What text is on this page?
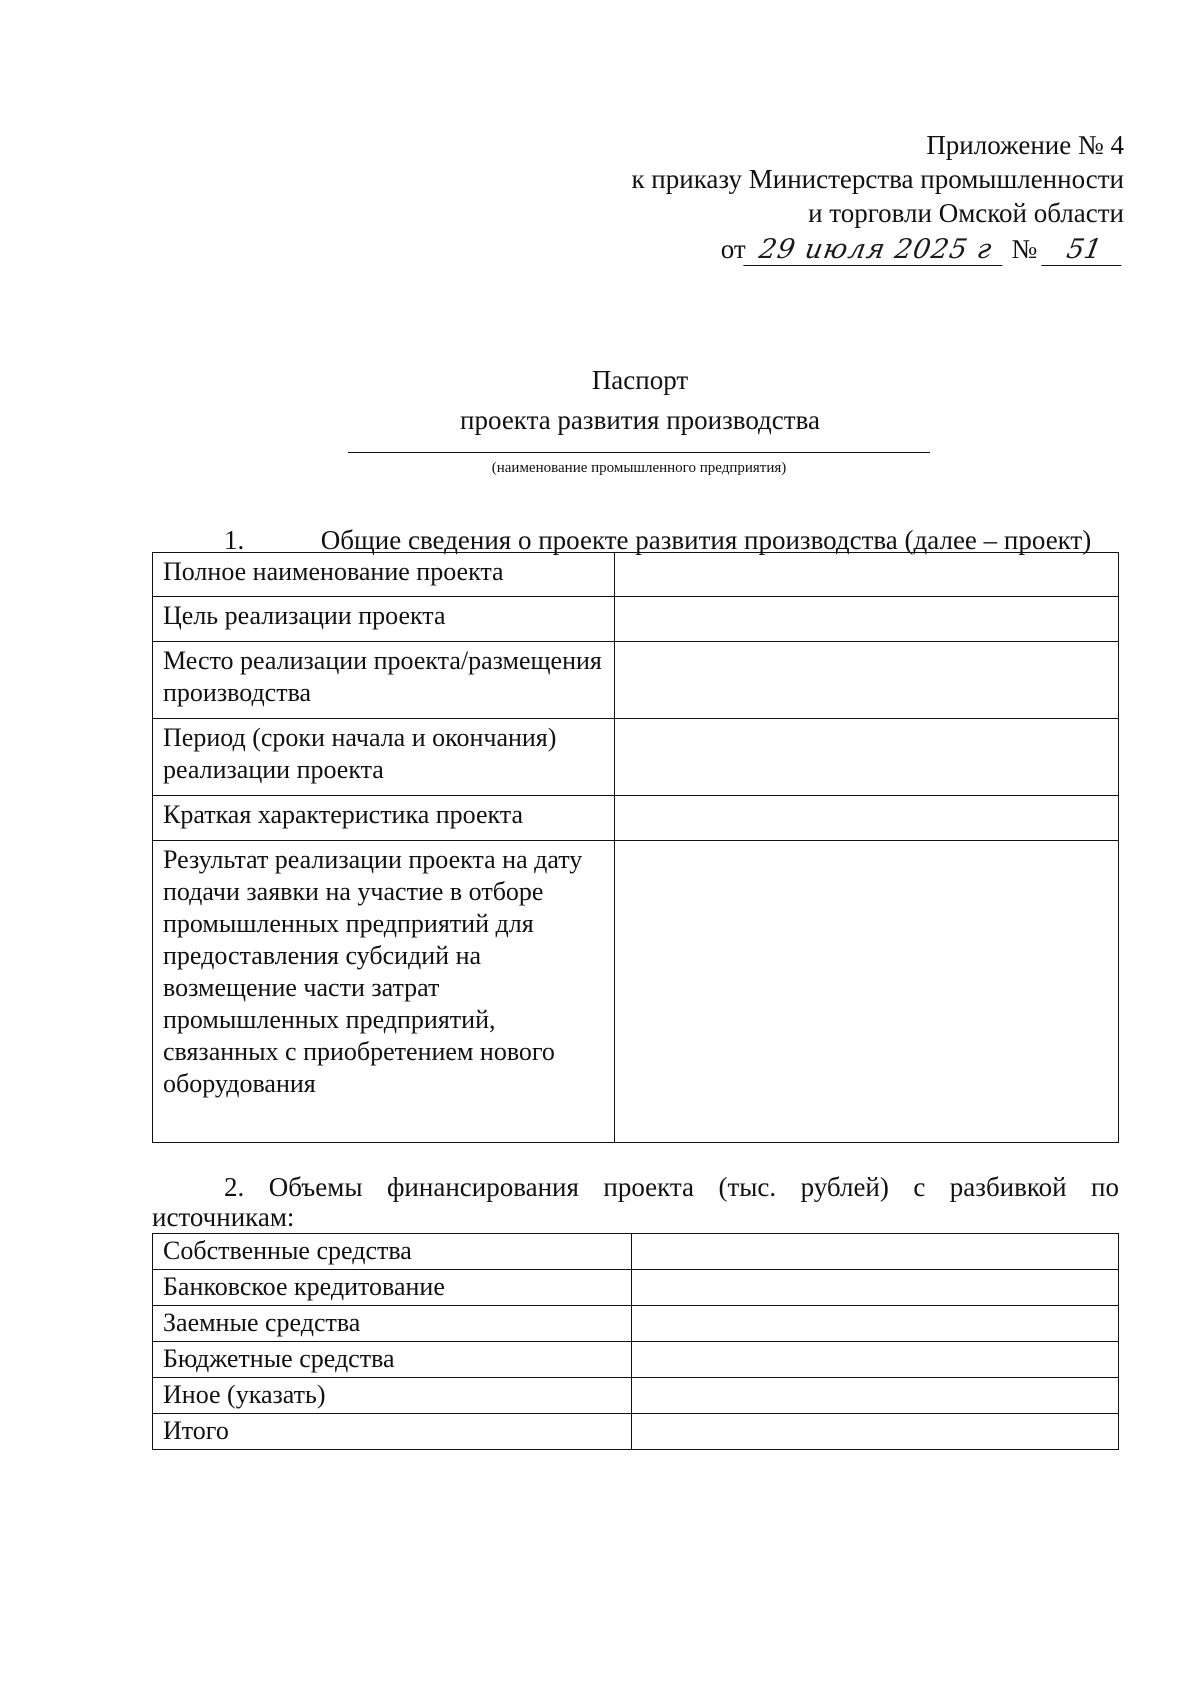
Приложение № 4
к приказу Министерства промышленности
и торговли Омской области
от 29 июля 2025 г № 51
Паспорт
проекта развития производства
(наименование промышленного предприятия)
1.	Общие сведения о проекте развития производства (далее – проект)
Полное наименование проекта	
Цель реализации проекта	
Место реализации проекта/размещения производства	
Период (сроки начала и окончания) реализации проекта	
Краткая характеристика проекта	
Результат реализации проекта на дату подачи заявки на участие в отборе промышленных предприятий для предоставления субсидий на возмещение части затрат промышленных предприятий, связанных с приобретением нового оборудования	
2. Объемы финансирования проекта (тыс. рублей) с разбивкой по
источникам:
Собственные средства	
Банковское кредитование	
Заемные средства	
Бюджетные средства	
Иное (указать)	
Итого	
